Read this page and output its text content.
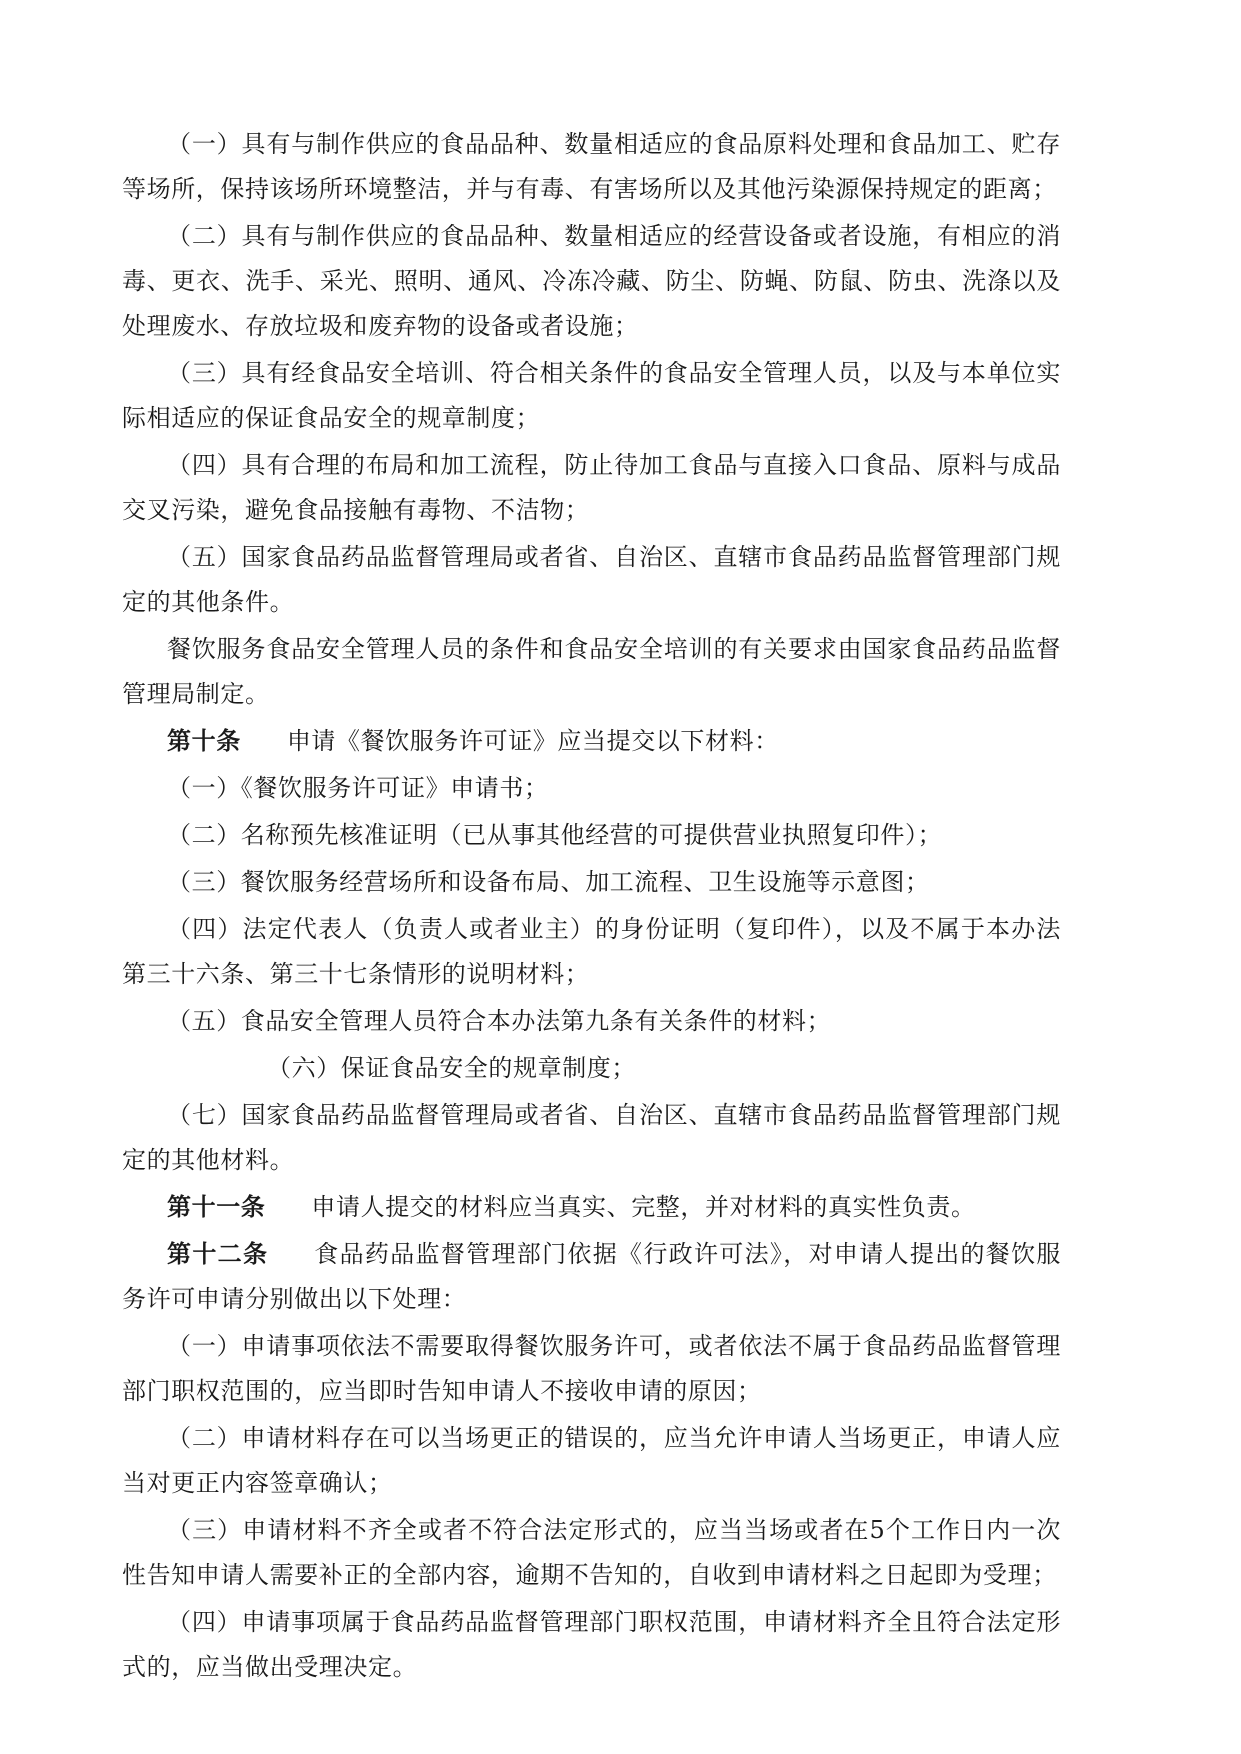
（一）具有与制作供应的食品品种、数量相适应的食品原料处理和食品加工、贮存等场所，保持该场所环境整洁，并与有毒、有害场所以及其他污染源保持规定的距离；

（二）具有与制作供应的食品品种、数量相适应的经营设备或者设施，有相应的消毒、更衣、洗手、采光、照明、通风、冷冻冷藏、防尘、防蝇、防鼠、防虫、洗涤以及处理废水、存放垃圾和废弃物的设备或者设施；

（三）具有经食品安全培训、符合相关条件的食品安全管理人员，以及与本单位实际相适应的保证食品安全的规章制度；

（四）具有合理的布局和加工流程，防止待加工食品与直接入口食品、原料与成品交叉污染，避免食品接触有毒物、不洁物；

（五）国家食品药品监督管理局或者省、自治区、直辖市食品药品监督管理部门规定的其他条件。

餐饮服务食品安全管理人员的条件和食品安全培训的有关要求由国家食品药品监督管理局制定。

第十条 申请《餐饮服务许可证》应当提交以下材料：

（一）《餐饮服务许可证》申请书；

（二）名称预先核准证明（已从事其他经营的可提供营业执照复印件）；

（三）餐饮服务经营场所和设备布局、加工流程、卫生设施等示意图；

（四）法定代表人（负责人或者业主）的身份证明（复印件），以及不属于本办法第三十六条、第三十七条情形的说明材料；

（五）食品安全管理人员符合本办法第九条有关条件的材料；

（六）保证食品安全的规章制度；

（七）国家食品药品监督管理局或者省、自治区、直辖市食品药品监督管理部门规定的其他材料。

第十一条 申请人提交的材料应当真实、完整，并对材料的真实性负责。

第十二条 食品药品监督管理部门依据《行政许可法》，对申请人提出的餐饮服务许可申请分别做出以下处理：

（一）申请事项依法不需要取得餐饮服务许可，或者依法不属于食品药品监督管理部门职权范围的，应当即时告知申请人不接收申请的原因；

（二）申请材料存在可以当场更正的错误的，应当允许申请人当场更正，申请人应当对更正内容签章确认；

（三）申请材料不齐全或者不符合法定形式的，应当当场或者在5个工作日内一次性告知申请人需要补正的全部内容，逾期不告知的，自收到申请材料之日起即为受理；

（四）申请事项属于食品药品监督管理部门职权范围，申请材料齐全且符合法定形式的，应当做出受理决定。
